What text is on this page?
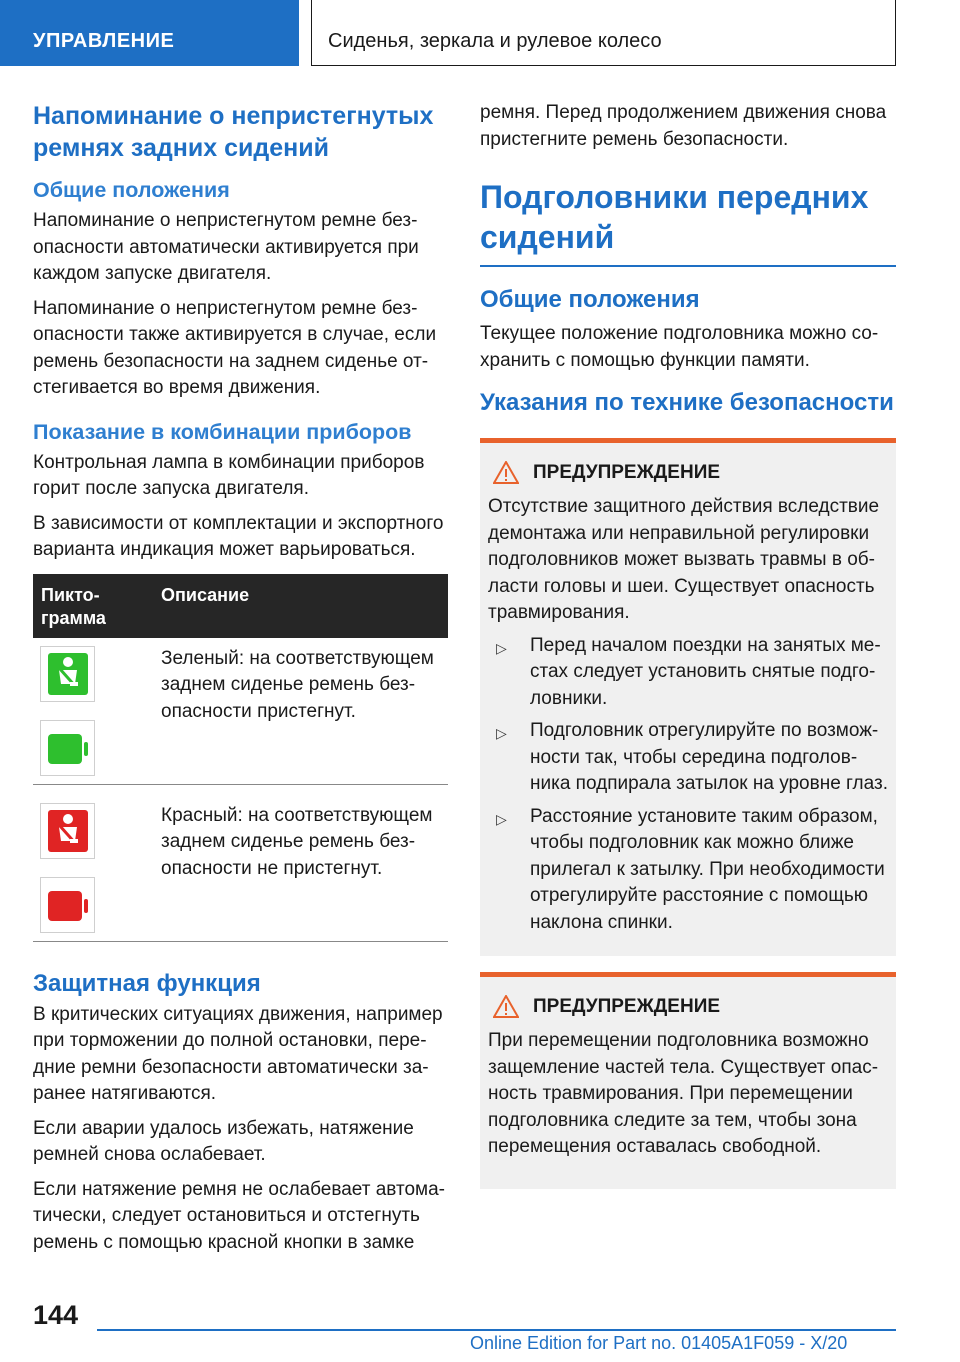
УПРАВЛЕНИЕ	Сиденья, зеркала и рулевое колесо
Напоминание о непристегнутых ремнях задних сидений
Общие положения
Напоминание о непристегнутом ремне безопасности автоматически активируется при каждом запуске двигателя.
Напоминание о непристегнутом ремне безопасности также активируется в случае, если ремень безопасности на заднем сиденье отстегивается во время движения.
Показание в комбинации приборов
Контрольная лампа в комбинации приборов горит после запуска двигателя.
В зависимости от комплектации и экспортного варианта индикация может варьироваться.
Пиктограмма
Описание
Зеленый: на соответствующем заднем сиденье ремень безопасности пристегнут.
Красный: на соответствующем заднем сиденье ремень безопасности не пристегнут.
Защитная функция
В критических ситуациях движения, например при торможении до полной остановки, передние ремни безопасности автоматически заранее натягиваются.
Если аварии удалось избежать, натяжение ремней снова ослабевает.
Если натяжение ремня не ослабевает автоматически, следует остановиться и отстегнуть ремень с помощью красной кнопки в замке
ремня. Перед продолжением движения снова пристегните ремень безопасности.
Подголовники передних сидений
Общие положения
Текущее положение подголовника можно сохранить с помощью функции памяти.
Указания по технике безопасности
ПРЕДУПРЕЖДЕНИЕ
Отсутствие защитного действия вследствие демонтажа или неправильной регулировки подголовников может вызвать травмы в области головы и шеи. Существует опасность травмирования.
▷	Перед началом поездки на занятых местах следует установить снятые подголовники.
▷	Подголовник отрегулируйте по возможности так, чтобы середина подголовника подпирала затылок на уровне глаз.
▷	Расстояние установите таким образом, чтобы подголовник как можно ближе прилегал к затылку. При необходимости отрегулируйте расстояние с помощью наклона спинки.
ПРЕДУПРЕЖДЕНИЕ
При перемещении подголовника возможно защемление частей тела. Существует опасность травмирования. При перемещении подголовника следите за тем, чтобы зона перемещения оставалась свободной.
144
Online Edition for Part no. 01405A1F059 - X/20
